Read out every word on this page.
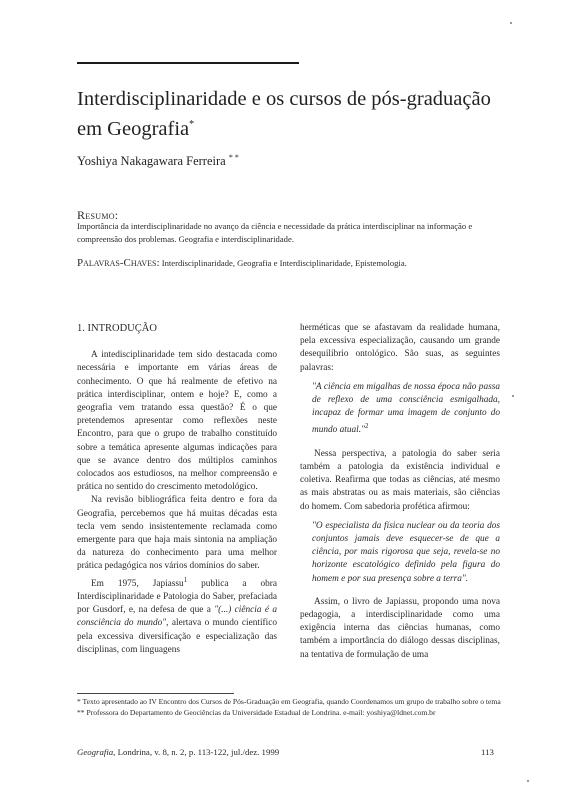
Interdisciplinaridade e os cursos de pós-graduação em Geografia*
Yoshiya Nakagawara Ferreira * *
Resumo:
Importância da interdisciplinaridade no avanço da ciência e necessidade da prática interdisciplinar na informação e compreensão dos problemas. Geografia e interdisciplinaridade.
Palavras-Chaves: Interdisciplinaridade, Geografia e Interdisciplinaridade, Epistemologia.

1. INTRODUÇÃO

A intedisciplinaridade tem sido destacada como necessária e importante em várias áreas de conhecimento. O que há realmente de efetivo na prática interdisciplinar, ontem e hoje? E, como a geografia vem tratando essa questão? É o que pretendemos apresentar como reflexões neste Encontro, para que o grupo de trabalho constituído sobre a temática apresente algumas indicações para que se avance dentro dos múltiplos caminhos colocados aos estudiosos, na melhor compreensão e prática no sentido do crescimento metodológico.

Na revisão bibliográfica feita dentro e fora da Geografia, percebemos que há muitas décadas esta tecla vem sendo insistentemente reclamada como emergente para que haja mais sintonia na ampliação da natureza do conhecimento para uma melhor prática pedagógica nos vários domínios do saber.

Em 1975, Japiassu$^1$ publica a obra Interdisciplinaridade e Patologia do Saber, prefaciada por Gusdorf, e, na defesa de que a "(...) ciência é a consciência do mundo", alertava o mundo científico pela excessiva diversificação e especialização das disciplinas, com linguagens

herméticas que se afastavam da realidade humana, pela excessiva especialização, causando um grande desequilíbrio ontológico. São suas, as seguintes palavras:

"A ciência em migalhas de nossa época não passa de reflexo de uma consciência esmigalhada, incapaz de formar uma imagem de conjunto do mundo atual."$^2$

Nessa perspectiva, a patologia do saber seria também a patologia da existência individual e coletiva. Reafirma que todas as ciências, até mesmo as mais abstratas ou as mais materiais, são ciências do homem. Com sabedoria profética afirmou:

"O especialista da física nuclear ou da teoria dos conjuntos jamais deve esquecer-se de que a ciência, por mais rigorosa que seja, revela-se no horizonte escatológico definido pela figura do homem e por sua presença sobre a terra".

Assim, o livro de Japiassu, propondo uma nova pedagogia, a interdisciplinaridade como uma exigência interna das ciências humanas, como também a importância do diálogo dessas disciplinas, na tentativa de formulação de uma

* Texto apresentado ao IV Encontro dos Cursos de Pós-Graduação em Geografia, quando Coordenamos um grupo de trabalho sobre o tema
** Professora do Departamento de Geociências da Universidade Estadual de Londrina. e-mail: yoshiya@ldnet.com.br
Geografia, Londrina, v. 8, n. 2, p. 113-122, jul./dez. 1999	113
